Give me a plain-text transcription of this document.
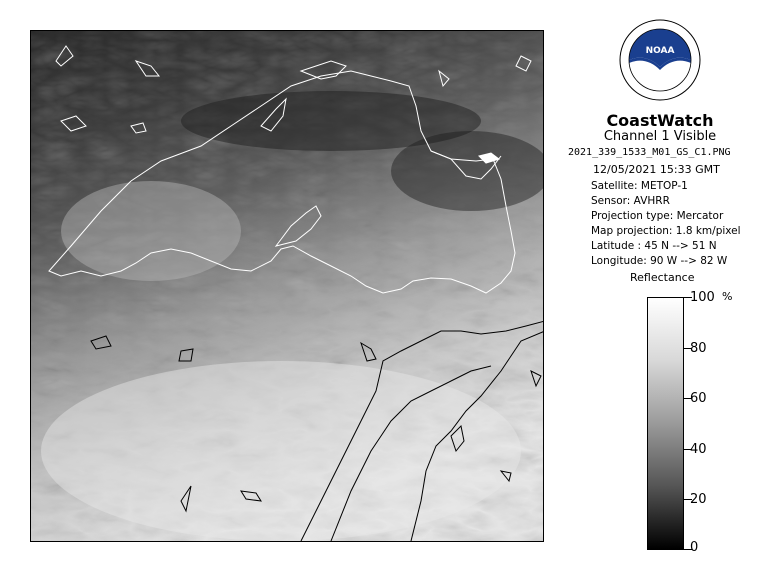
NOAA
CoastWatch
Channel 1 Visible
2021_339_1533_M01_GS_C1.PNG
12/05/2021 15:33 GMT
Satellite: METOP-1
Sensor: AVHRR
Projection type: Mercator
Map projection: 1.8 km/pixel
Latitude : 45 N --> 51 N
Longitude: 90 W --> 82 W
Reflectance
%
100
80
60
40
20
0
